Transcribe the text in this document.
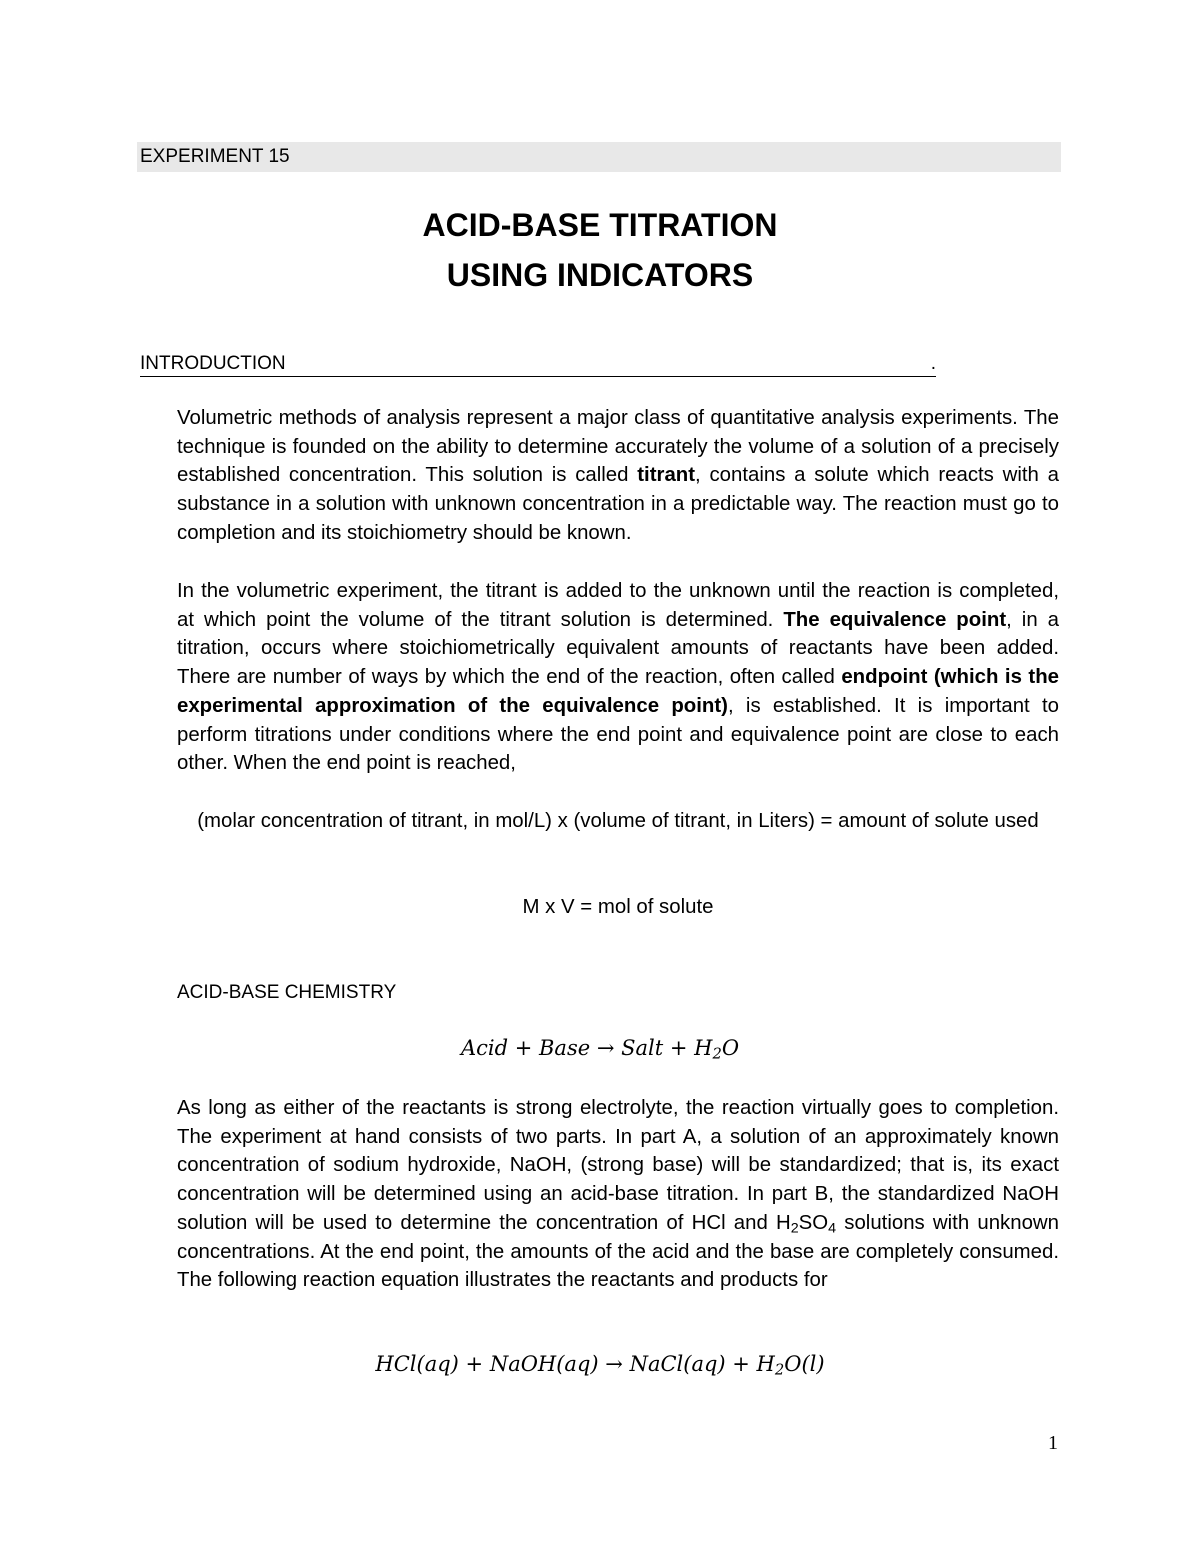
EXPERIMENT 15
ACID-BASE TITRATION
USING INDICATORS
INTRODUCTION	.

Volumetric methods of analysis represent a major class of quantitative analysis experiments. The technique is founded on the ability to determine accurately the volume of a solution of a precisely established concentration. This solution is called titrant, contains a solute which reacts with a substance in a solution with unknown concentration in a predictable way. The reaction must go to completion and its stoichiometry should be known.

In the volumetric experiment, the titrant is added to the unknown until the reaction is completed, at which point the volume of the titrant solution is determined. The equivalence point, in a titration, occurs where stoichiometrically equivalent amounts of reactants have been added. There are number of ways by which the end of the reaction, often called endpoint (which is the experimental approximation of the equivalence point), is established. It is important to perform titrations under conditions where the end point and equivalence point are close to each other. When the end point is reached,

(molar concentration of titrant, in mol/L) x (volume of titrant, in Liters) = amount of solute used
M x V = mol of solute
ACID-BASE CHEMISTRY
Acid + Base → Salt + $H_2O$

As long as either of the reactants is strong electrolyte, the reaction virtually goes to completion. The experiment at hand consists of two parts. In part A, a solution of an approximately known concentration of sodium hydroxide, NaOH, (strong base) will be standardized; that is, its exact concentration will be determined using an acid-base titration. In part B, the standardized NaOH solution will be used to determine the concentration of HCl and $H_2SO_4$ solutions with unknown concentrations. At the end point, the amounts of the acid and the base are completely consumed. The following reaction equation illustrates the reactants and products for

HCl(aq) + NaOH(aq) → NaCl(aq) + $H_2O(l)$
1
